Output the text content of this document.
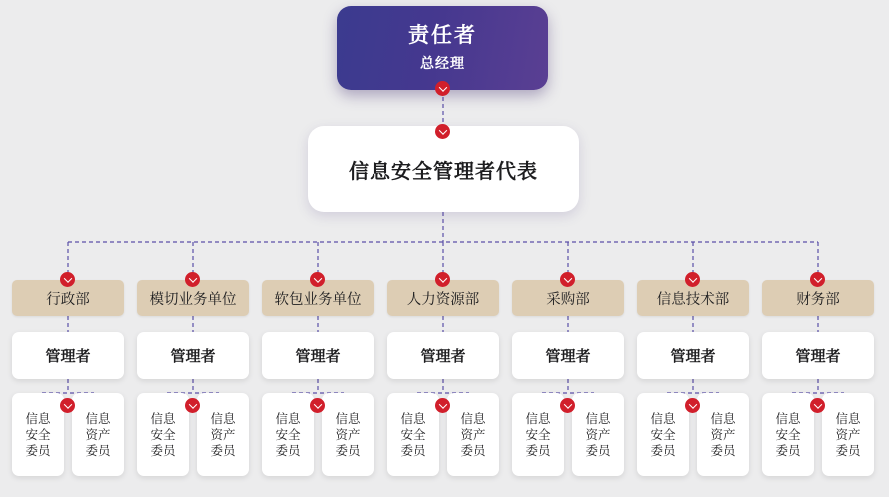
责任者
总经理
信息安全管理者代表
行政部
管理者
信息
安全
委员
信息
资产
委员
模切业务单位
管理者
信息
安全
委员
信息
资产
委员
软包业务单位
管理者
信息
安全
委员
信息
资产
委员
人力资源部
管理者
信息
安全
委员
信息
资产
委员
采购部
管理者
信息
安全
委员
信息
资产
委员
信息技术部
管理者
信息
安全
委员
信息
资产
委员
财务部
管理者
信息
安全
委员
信息
资产
委员
